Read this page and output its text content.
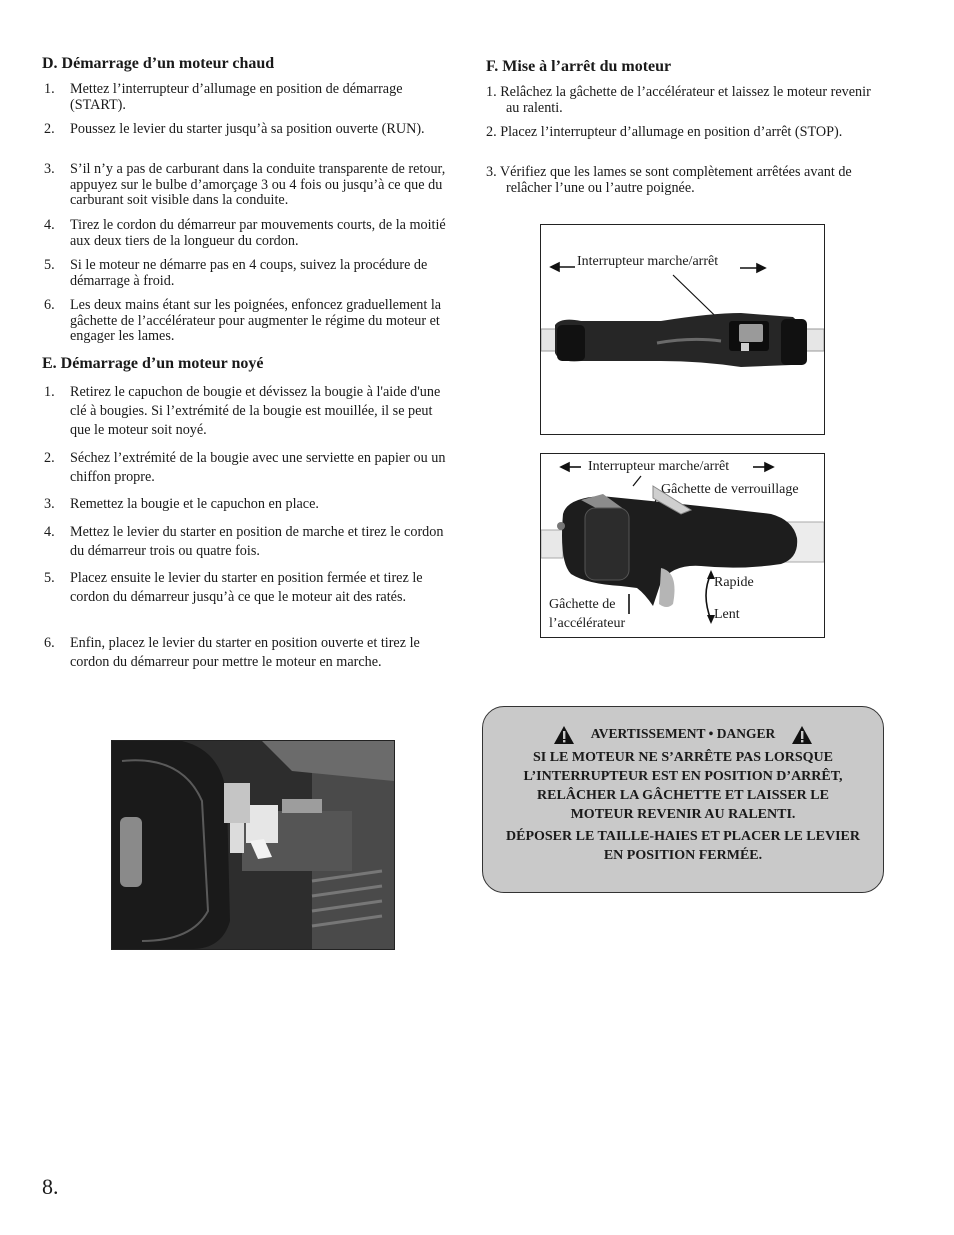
D. Démarrage d’un moteur chaud
1. Mettez l’interrupteur d’allumage en position de démarrage (START).
2. Poussez le levier du starter jusqu’à sa position ouverte (RUN).
3. S’il n’y a pas de carburant dans la conduite transparente de retour, appuyez sur le bulbe d’amorçage 3 ou 4 fois ou jusqu’à ce que du carburant soit visible dans la conduite.
4. Tirez le cordon du démarreur par mouvements courts, de la moitié aux deux tiers de la longueur du cordon.
5. Si le moteur ne démarre pas en 4 coups, suivez la procédure de démarrage à froid.
6. Les deux mains étant sur les poignées, enfoncez graduellement la gâchette de l’accélérateur pour augmenter le régime du moteur et engager les lames.
E. Démarrage d’un moteur noyé
1. Retirez le capuchon de bougie et dévissez la bougie à l'aide d'une clé à bougies. Si l’extrémité de la bougie est mouillée, il se peut que le moteur soit noyé.
2. Séchez l’extrémité de la bougie avec une serviette en papier ou un chiffon propre.
3. Remettez la bougie et le capuchon en place.
4. Mettez le levier du starter en position de marche et tirez le cordon du démarreur trois ou quatre fois.
5. Placez ensuite le levier du starter en position fermée et tirez le cordon du démarreur jusqu’à ce que le moteur ait des ratés.
6. Enfin, placez le levier du starter en position ouverte et tirez le cordon du démarreur pour mettre le moteur en marche.
F. Mise à l’arrêt du moteur
1. Relâchez la gâchette de l’accélérateur et laissez le moteur revenir au ralenti.
2. Placez l’interrupteur d’allumage en position d’arrêt (STOP).
3. Vérifiez que les lames se sont complètement arrêtées avant de relâcher l’une ou l’autre poignée.
Interrupteur marche/arrêt
Interrupteur marche/arrêt
Gâchette de verrouillage
Rapide
Lent
Gâchette de
l’accélérateur

AVERTISSEMENT • DANGER

SI LE MOTEUR NE S’ARRÊTE PAS LORSQUE

L’INTERRUPTEUR EST EN POSITION D’ARRÊT,

RELÂCHER LA GÂCHETTE ET LAISSER LE

MOTEUR REVENIR AU RALENTI.

DÉPOSER LE TAILLE-HAIES ET PLACER LE LEVIER

EN POSITION FERMÉE.

8.
